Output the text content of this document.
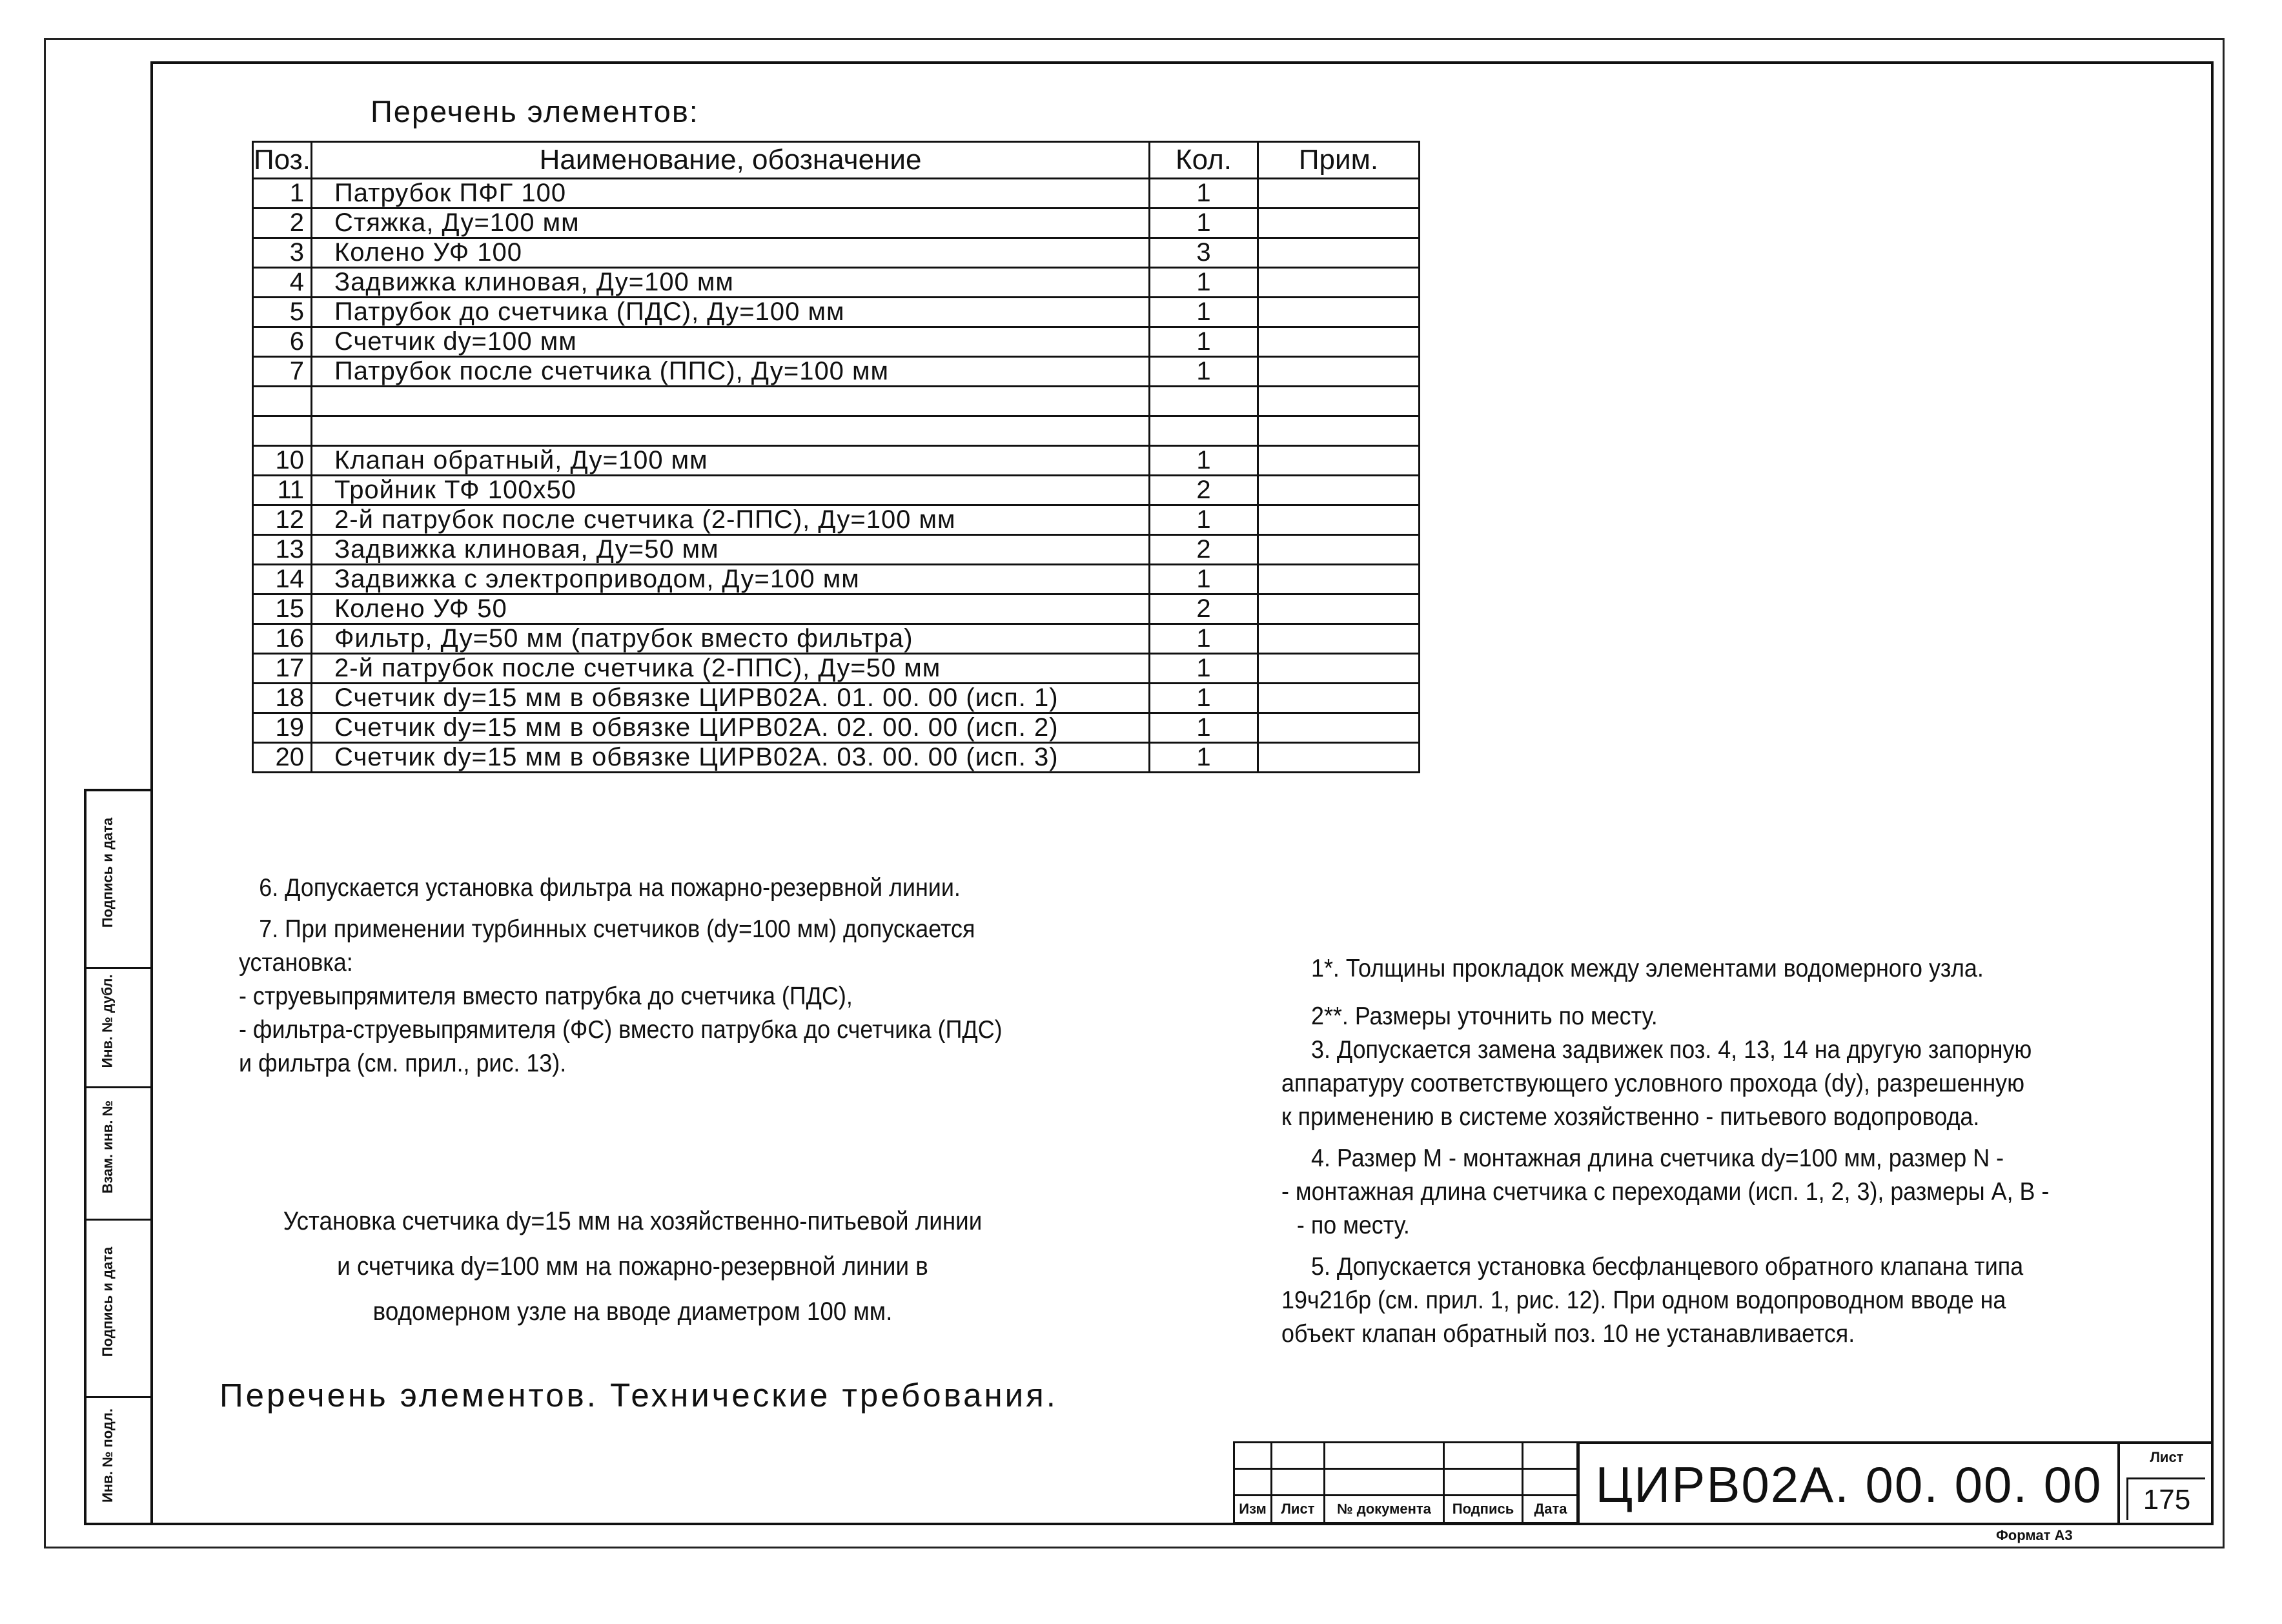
Подпись и дата
Инв. № дубл.
Взам. инв. №
Подпись и дата
Инв. № подл.
Перечень элементов:
Поз.	Наименование, обозначение	Кол.	Прим.
1	Патрубок ПФГ 100	1	
2	Стяжка, Ду=100 мм	1	
3	Колено УФ 100	3	
4	Задвижка клиновая, Ду=100 мм	1	
5	Патрубок до счетчика (ПДС), Ду=100 мм	1	
6	Счетчик dy=100 мм	1	
7	Патрубок после счетчика (ППС), Ду=100 мм	1	

10	Клапан обратный, Ду=100 мм	1	
11	Тройник ТФ 100х50	2	
12	2-й патрубок после счетчика (2-ППС), Ду=100 мм	1	
13	Задвижка клиновая, Ду=50 мм	2	
14	Задвижка с электроприводом, Ду=100 мм	1	
15	Колено УФ 50	2	
16	Фильтр, Ду=50 мм (патрубок вместо фильтра)	1	
17	2-й патрубок после счетчика (2-ППС), Ду=50 мм	1	
18	Счетчик dy=15 мм в обвязке ЦИРВ02А. 01. 00. 00 (исп. 1)	1	
19	Счетчик dy=15 мм в обвязке ЦИРВ02А. 02. 00. 00 (исп. 2)	1	
20	Счетчик dy=15 мм в обвязке ЦИРВ02А. 03. 00. 00 (исп. 3)	1	
6. Допускается установка фильтра на пожарно-резервной линии.
7. При применении турбинных счетчиков (dy=100 мм) допускается
установка:
- струевыпрямителя вместо патрубка до счетчика (ПДС),
- фильтра-струевыпрямителя (ФС) вместо патрубка до счетчика (ПДС)
и фильтра (см. прил., рис. 13).
1*. Толщины прокладок между элементами водомерного узла.
2**. Размеры уточнить по месту.
3. Допускается замена задвижек поз. 4, 13, 14 на другую запорную
аппаратуру соответствующего условного прохода (dy), разрешенную
к применению в системе хозяйственно - питьевого водопровода.
4. Размер М - монтажная длина счетчика dy=100 мм, размер N -
- монтажная длина счетчика с переходами (исп. 1, 2, 3), размеры А, В -
- по месту.
5. Допускается установка бесфланцевого обратного клапана типа
19ч21бр (см. прил. 1, рис. 12). При одном водопроводном вводе на
объект клапан обратный поз. 10 не устанавливается.
Установка счетчика dy=15 мм на хозяйственно-питьевой линии
и счетчика dy=100 мм на пожарно-резервной линии в
водомерном узле на вводе диаметром 100 мм.
Перечень элементов. Технические требования.

Изм	Лист	№ документа	Подпись	Дата ЦИРВ02А. 00. 00. 00	Лист
175
Формат А3
